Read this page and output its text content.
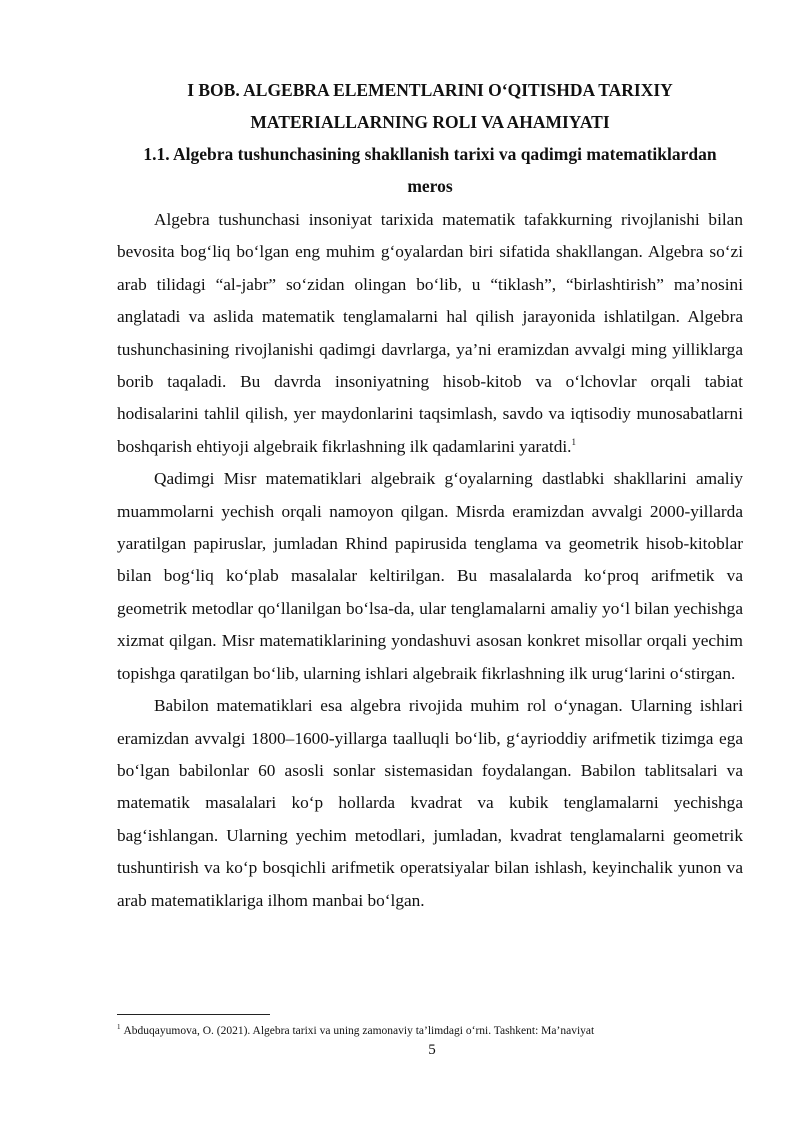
I BOB. ALGEBRA ELEMENTLARINI O‘QITISHDA TARIXIY
MATERIALLARNING ROLI VA AHAMIYATI

1.1. Algebra tushunchasining shakllanish tarixi va qadimgi matematiklardan
meros

Algebra tushunchasi insoniyat tarixida matematik tafakkurning rivojlanishi bilan bevosita bog‘liq bo‘lgan eng muhim g‘oyalardan biri sifatida shakllangan. Algebra so‘zi arab tilidagi “al-jabr” so‘zidan olingan bo‘lib, u “tiklash”, “birlashtirish” ma’nosini anglatadi va aslida matematik tenglamalarni hal qilish jarayonida ishlatilgan. Algebra tushunchasining rivojlanishi qadimgi davrlarga, ya’ni eramizdan avvalgi ming yilliklarga borib taqaladi. Bu davrda insoniyatning hisob-kitob va o‘lchovlar orqali tabiat hodisalarini tahlil qilish, yer maydonlarini taqsimlash, savdo va iqtisodiy munosabatlarni boshqarish ehtiyoji algebraik fikrlashning ilk qadamlarini yaratdi.$^1$

Qadimgi Misr matematiklari algebraik g‘oyalarning dastlabki shakllarini amaliy muammolarni yechish orqali namoyon qilgan. Misrda eramizdan avvalgi 2000-yillarda yaratilgan papiruslar, jumladan Rhind papirusida tenglama va geometrik hisob-kitoblar bilan bog‘liq ko‘plab masalalar keltirilgan. Bu masalalarda ko‘proq arifmetik va geometrik metodlar qo‘llanilgan bo‘lsa-da, ular tenglamalarni amaliy yo‘l bilan yechishga xizmat qilgan. Misr matematiklarining yondashuvi asosan konkret misollar orqali yechim topishga qaratilgan bo‘lib, ularning ishlari algebraik fikrlashning ilk urug‘larini o‘stirgan.

Babilon matematiklari esa algebra rivojida muhim rol o‘ynagan. Ularning ishlari eramizdan avvalgi 1800–1600-yillarga taalluqli bo‘lib, g‘ayrioddiy arifmetik tizimga ega bo‘lgan babilonlar 60 asosli sonlar sistemasidan foydalangan. Babilon tablitsalari va matematik masalalari ko‘p hollarda kvadrat va kubik tenglamalarni yechishga bag‘ishlangan. Ularning yechim metodlari, jumladan, kvadrat tenglamalarni geometrik tushuntirish va ko‘p bosqichli arifmetik operatsiyalar bilan ishlash, keyinchalik yunon va arab matematiklariga ilhom manbai bo‘lgan.

$^1$ Abduqayumova, O. (2021). Algebra tarixi va uning zamonaviy ta’limdagi o‘rni. Tashkent: Ma’naviyat

5
